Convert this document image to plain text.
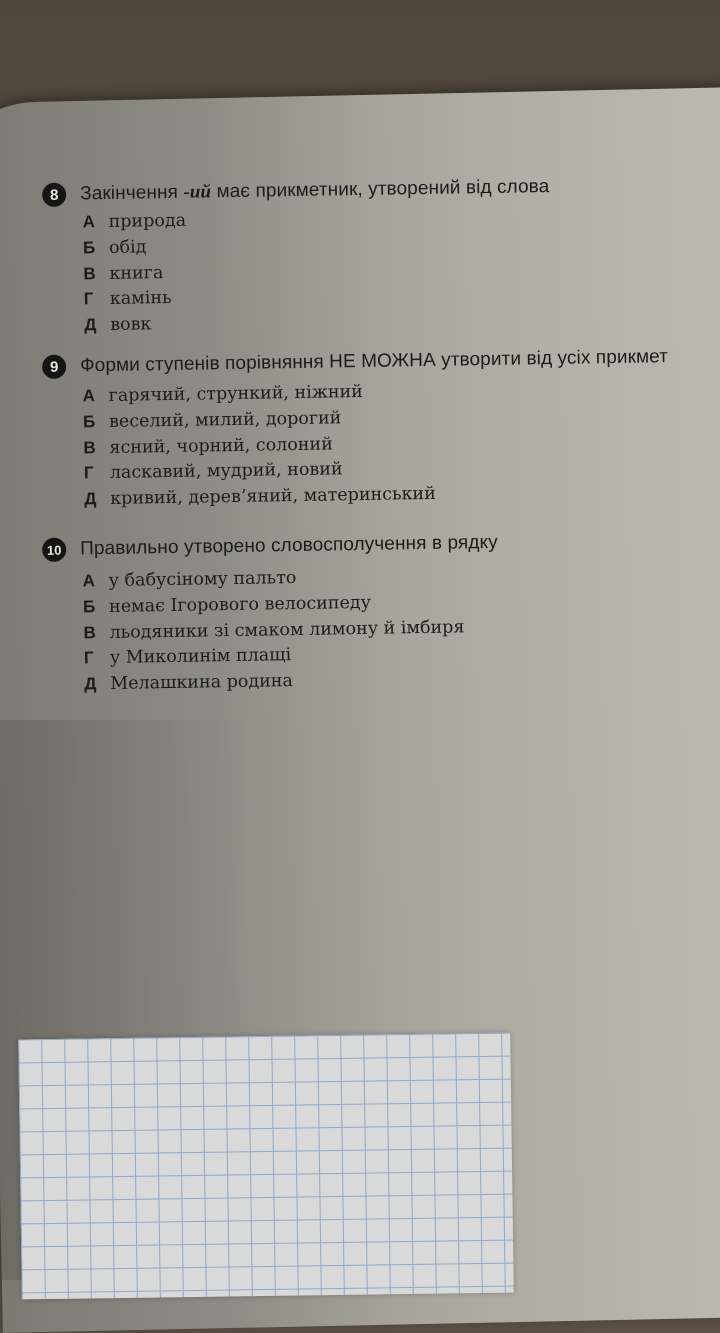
8	Закінчення -ий має прикметник, утворений від слова
А природа
Б обід
В книга
Г камінь
Д вовк
9	Форми ступенів порівняння НЕ МОЖНА утворити від усіх прикмет
А гарячий, стрункий, ніжний
Б веселий, милий, дорогий
В ясний, чорний, солоний
Г ласкавий, мудрий, новий
Д кривий, дерев’яний, материнський
10 Правильно утворено словосполучення в рядку
А у бабусіному пальто
Б немає Ігорового велосипеду
В льодяники зі смаком лимону й імбиря
Г у Миколинім плащі
Д Мелашкина родина
